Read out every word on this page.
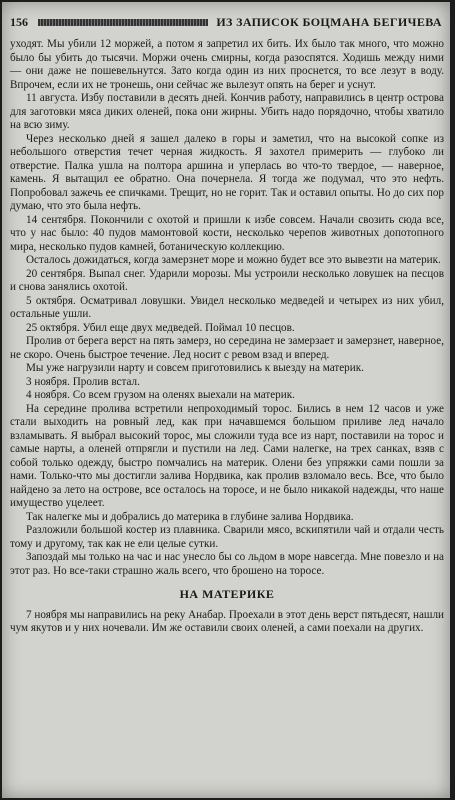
156	ИЗ ЗАПИСОК БОЦМАНА БЕГИЧЕВА

уходят. Мы убили 12 моржей, а потом я запретил их бить. Их было так много, что можно было бы убить до тысячи. Моржи очень смирны, когда разоспятся. Ходишь между ними — они даже не пошевельнутся. Зато когда один из них проснется, то все лезут в воду. Впрочем, если их не тронешь, они сейчас же вылезут опять на берег и уснут.

11 августа. Избу поставили в десять дней. Кончив работу, направились в центр острова для заготовки мяса диких оленей, пока они жирны. Убить надо порядочно, чтобы хватило на всю зиму.

Через несколько дней я зашел далеко в горы и заметил, что на высокой сопке из небольшого отверстия течет черная жидкость. Я захотел примерить — глубоко ли отверстие. Палка ушла на полтора аршина и уперлась во что-то твердое, — наверное, камень. Я вытащил ее обратно. Она почернела. Я тогда же подумал, что это нефть. Попробовал зажечь ее спичками. Трещит, но не горит. Так и оставил опыты. Но до сих пор думаю, что это была нефть.

14 сентября. Покончили с охотой и пришли к избе совсем. Начали свозить сюда все, что у нас было: 40 пудов мамонтовой кости, несколько черепов животных допотопного мира, несколько пудов камней, ботаническую коллекцию.

Осталось дожидаться, когда замерзнет море и можно будет все это вывезти на материк.

20 сентября. Выпал снег. Ударили морозы. Мы устроили несколько ловушек на песцов и снова занялись охотой.

5 октября. Осматривал ловушки. Увидел несколько медведей и четырех из них убил, остальные ушли.

25 октября. Убил еще двух медведей. Поймал 10 песцов.

Пролив от берега верст на пять замерз, но середина не замерзает и замерзнет, наверное, не скоро. Очень быстрое течение. Лед носит с ревом взад и вперед.

Мы уже нагрузили нарту и совсем приготовились к выезду на материк.

3 ноября. Пролив встал.

4 ноября. Со всем грузом на оленях выехали на материк.

На середине пролива встретили непроходимый торос. Бились в нем 12 часов и уже стали выходить на ровный лед, как при начавшемся большом приливе лед начало взламывать. Я выбрал высокий торос, мы сложили туда все из нарт, поставили на торос и самые нарты, а оленей отпрягли и пустили на лед. Сами налегке, на трех санках, взяв с собой только одежду, быстро помчались на материк. Олени без упряжки сами пошли за нами. Только-что мы достигли залива Нордвика, как пролив взломало весь. Все, что было найдено за лето на острове, все осталось на торосе, и не было никакой надежды, что наше имущество уцелеет.

Так налегке мы и добрались до материка в глубине залива Нордвика.

Разложили большой костер из плавника. Сварили мясо, вскипятили чай и отдали честь тому и другому, так как не ели целые сутки.

Запоздай мы только на час и нас унесло бы со льдом в море навсегда. Мне повезло и на этот раз. Но все-таки страшно жаль всего, что брошено на торосе.

НА МАТЕРИКЕ

7 ноября мы направились на реку Анабар. Проехали в этот день верст пятьдесят, нашли чум якутов и у них ночевали. Им же оставили своих оленей, а сами поехали на других.
